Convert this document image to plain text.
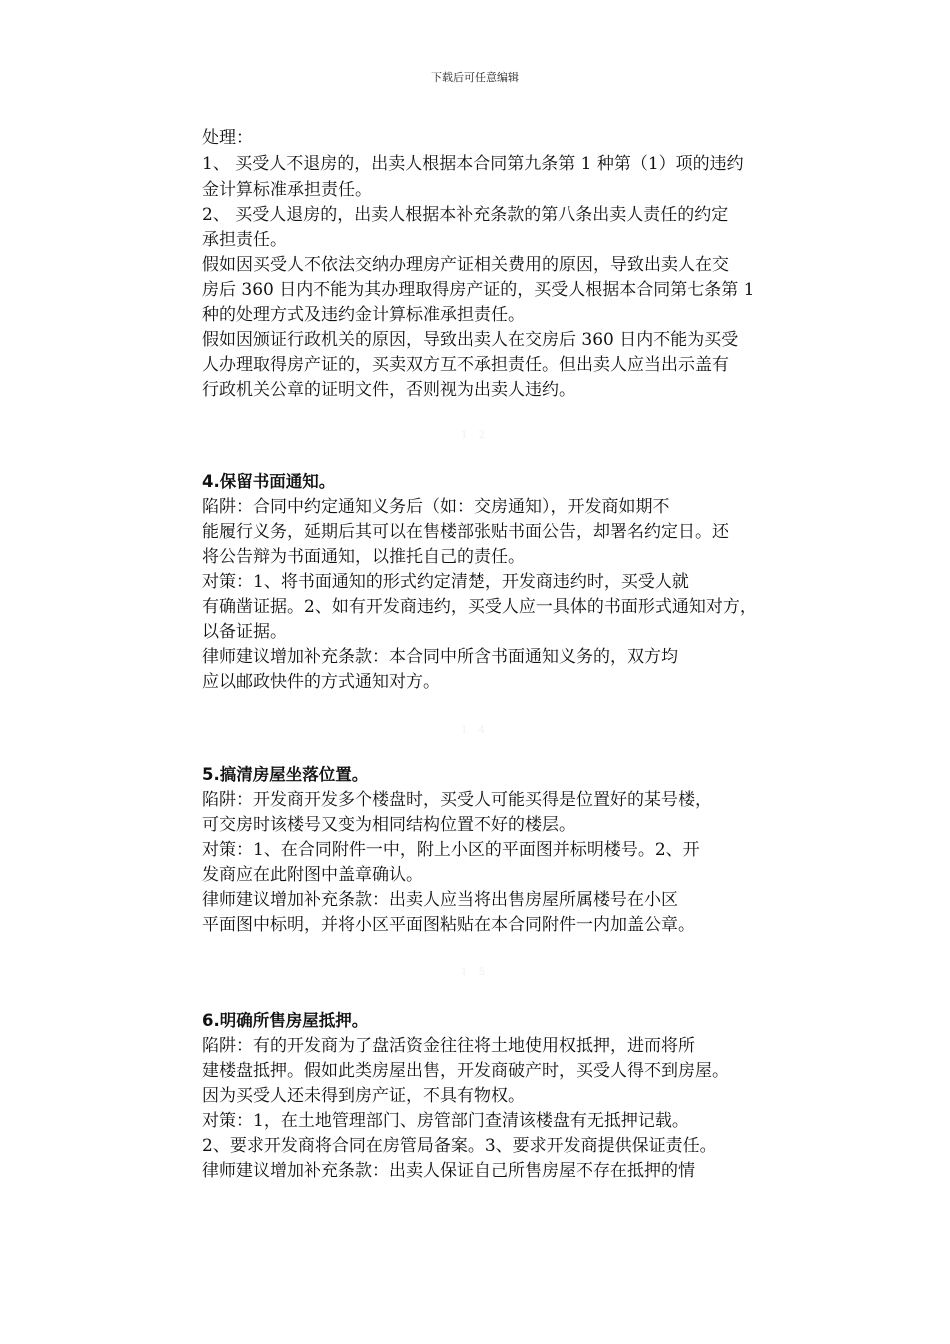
下载后可任意编辑
处理：
1、 买受人不退房的，出卖人根据本合同第九条第 1 种第（1）项的违约
金计算标准承担责任。
2、 买受人退房的，出卖人根据本补充条款的第八条出卖人责任的约定
承担责任。
假如因买受人不依法交纳办理房产证相关费用的原因，导致出卖人在交
房后 360 日内不能为其办理取得房产证的，买受人根据本合同第七条第 1
种的处理方式及违约金计算标准承担责任。
假如因颁证行政机关的原因，导致出卖人在交房后 360 日内不能为买受
人办理取得房产证的，买卖双方互不承担责任。但出卖人应当出示盖有
行政机关公章的证明文件，否则视为出卖人违约。
1 2
4.保留书面通知。
陷阱：合同中约定通知义务后（如：交房通知），开发商如期不
能履行义务，延期后其可以在售楼部张贴书面公告，却署名约定日。还
将公告辩为书面通知，以推托自己的责任。
对策：1、将书面通知的形式约定清楚，开发商违约时，买受人就
有确凿证据。2、如有开发商违约，买受人应一具体的书面形式通知对方，
以备证据。
律师建议增加补充条款：本合同中所含书面通知义务的，双方均
应以邮政快件的方式通知对方。
1 4
5.搞清房屋坐落位置。
陷阱：开发商开发多个楼盘时，买受人可能买得是位置好的某号楼，
可交房时该楼号又变为相同结构位置不好的楼层。
对策：1、在合同附件一中，附上小区的平面图并标明楼号。2、开
发商应在此附图中盖章确认。
律师建议增加补充条款：出卖人应当将出售房屋所属楼号在小区
平面图中标明，并将小区平面图粘贴在本合同附件一内加盖公章。
1 5
6.明确所售房屋抵押。
陷阱：有的开发商为了盘活资金往往将土地使用权抵押，进而将所
建楼盘抵押。假如此类房屋出售，开发商破产时，买受人得不到房屋。
因为买受人还未得到房产证，不具有物权。
对策：1，在土地管理部门、房管部门查清该楼盘有无抵押记载。
2、要求开发商将合同在房管局备案。3、要求开发商提供保证责任。
律师建议增加补充条款：出卖人保证自己所售房屋不存在抵押的情
